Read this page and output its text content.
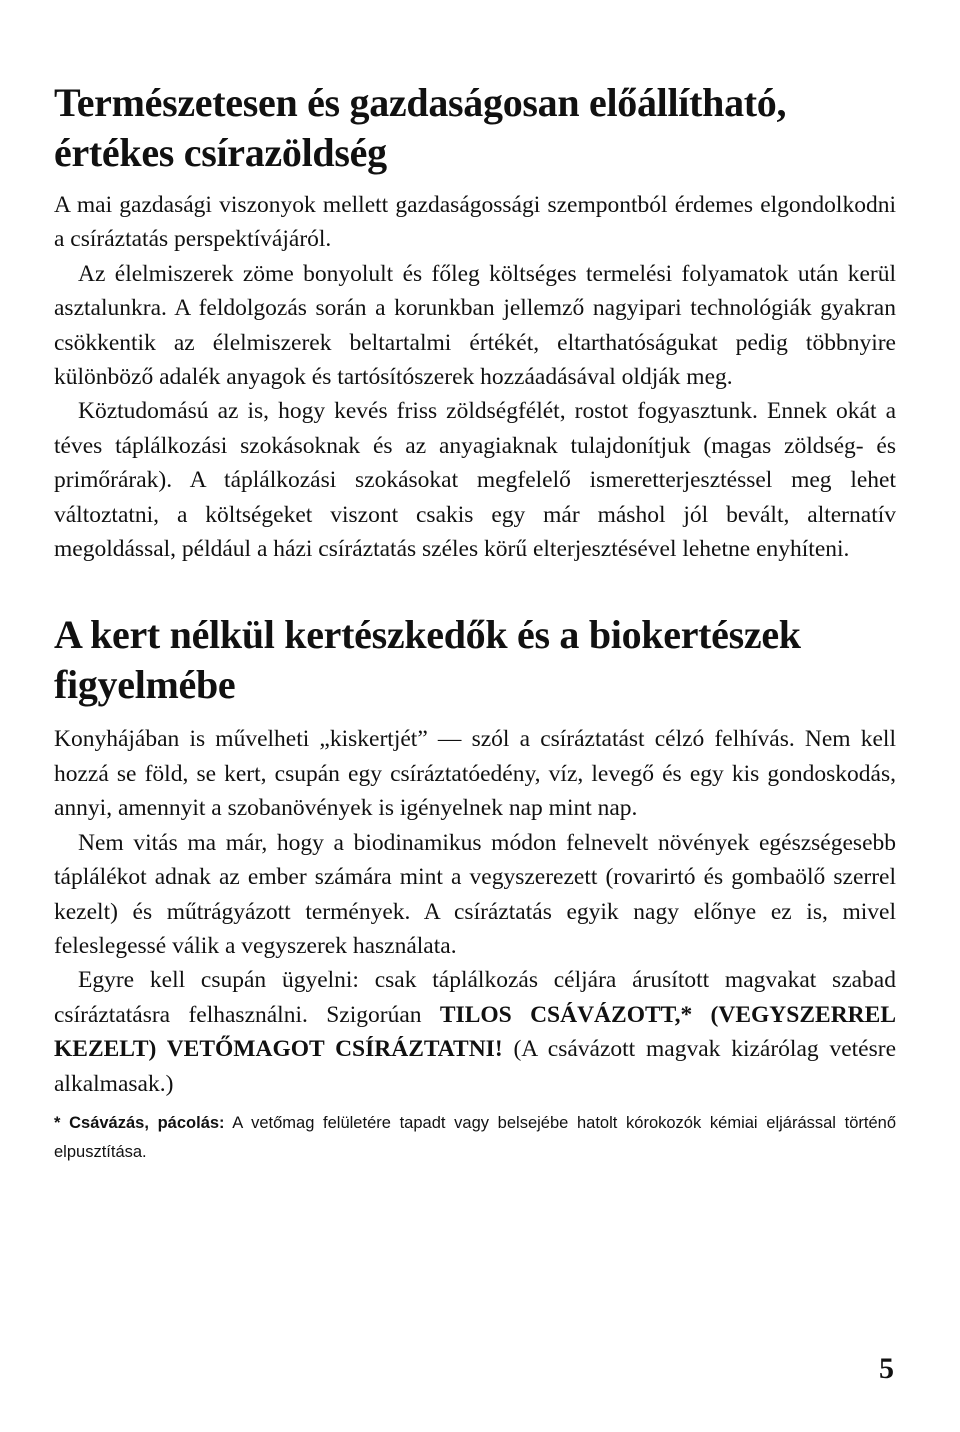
Természetesen és gazdaságosan előállítható,
értékes csírazöldség

A mai gazdasági viszonyok mellett gazdaságossági szempontból érdemes elgondolkodni a csíráztatás perspektívájáról.

Az élelmiszerek zöme bonyolult és főleg költséges termelési folyamatok után kerül asztalunkra. A feldolgozás során a korunkban jellemző nagyipari technológiák gyakran csökkentik az élelmiszerek beltartalmi értékét, eltarthatóságukat pedig többnyire különböző adalék anyagok és tartósítószerek hozzáadásával oldják meg.

Köztudomású az is, hogy kevés friss zöldségfélét, rostot fogyasztunk. Ennek okát a téves táplálkozási szokásoknak és az anyagiaknak tulajdonítjuk (magas zöldség- és primőrárak). A táplálkozási szokásokat megfelelő ismeretterjesztéssel meg lehet változtatni, a költségeket viszont csakis egy már máshol jól bevált, alternatív megoldással, például a házi csíráztatás széles körű elterjesztésével lehetne enyhíteni.

A kert nélkül kertészkedők és a biokertészek
figyelmébe

Konyhájában is művelheti „kiskertjét” — szól a csíráztatást célzó felhívás. Nem kell hozzá se föld, se kert, csupán egy csíráztatóedény, víz, levegő és egy kis gondoskodás, annyi, amennyit a szobanövények is igényelnek nap mint nap.

Nem vitás ma már, hogy a biodinamikus módon felnevelt növények egészségesebb táplálékot adnak az ember számára mint a vegyszerezett (rovarirtó és gombaölő szerrel kezelt) és műtrágyázott termények. A csíráztatás egyik nagy előnye ez is, mivel feleslegessé válik a vegyszerek használata.

Egyre kell csupán ügyelni: csak táplálkozás céljára árusított magvakat szabad csíráztatásra felhasználni. Szigorúan TILOS CSÁVÁZOTT,* (VEGYSZERREL KEZELT) VETŐMAGOT CSÍRÁZTATNI! (A csávázott magvak kizárólag vetésre alkalmasak.)

* Csávázás, pácolás: A vetőmag felületére tapadt vagy belsejébe hatolt kórokozók kémiai eljárással történő elpusztítása.
5
